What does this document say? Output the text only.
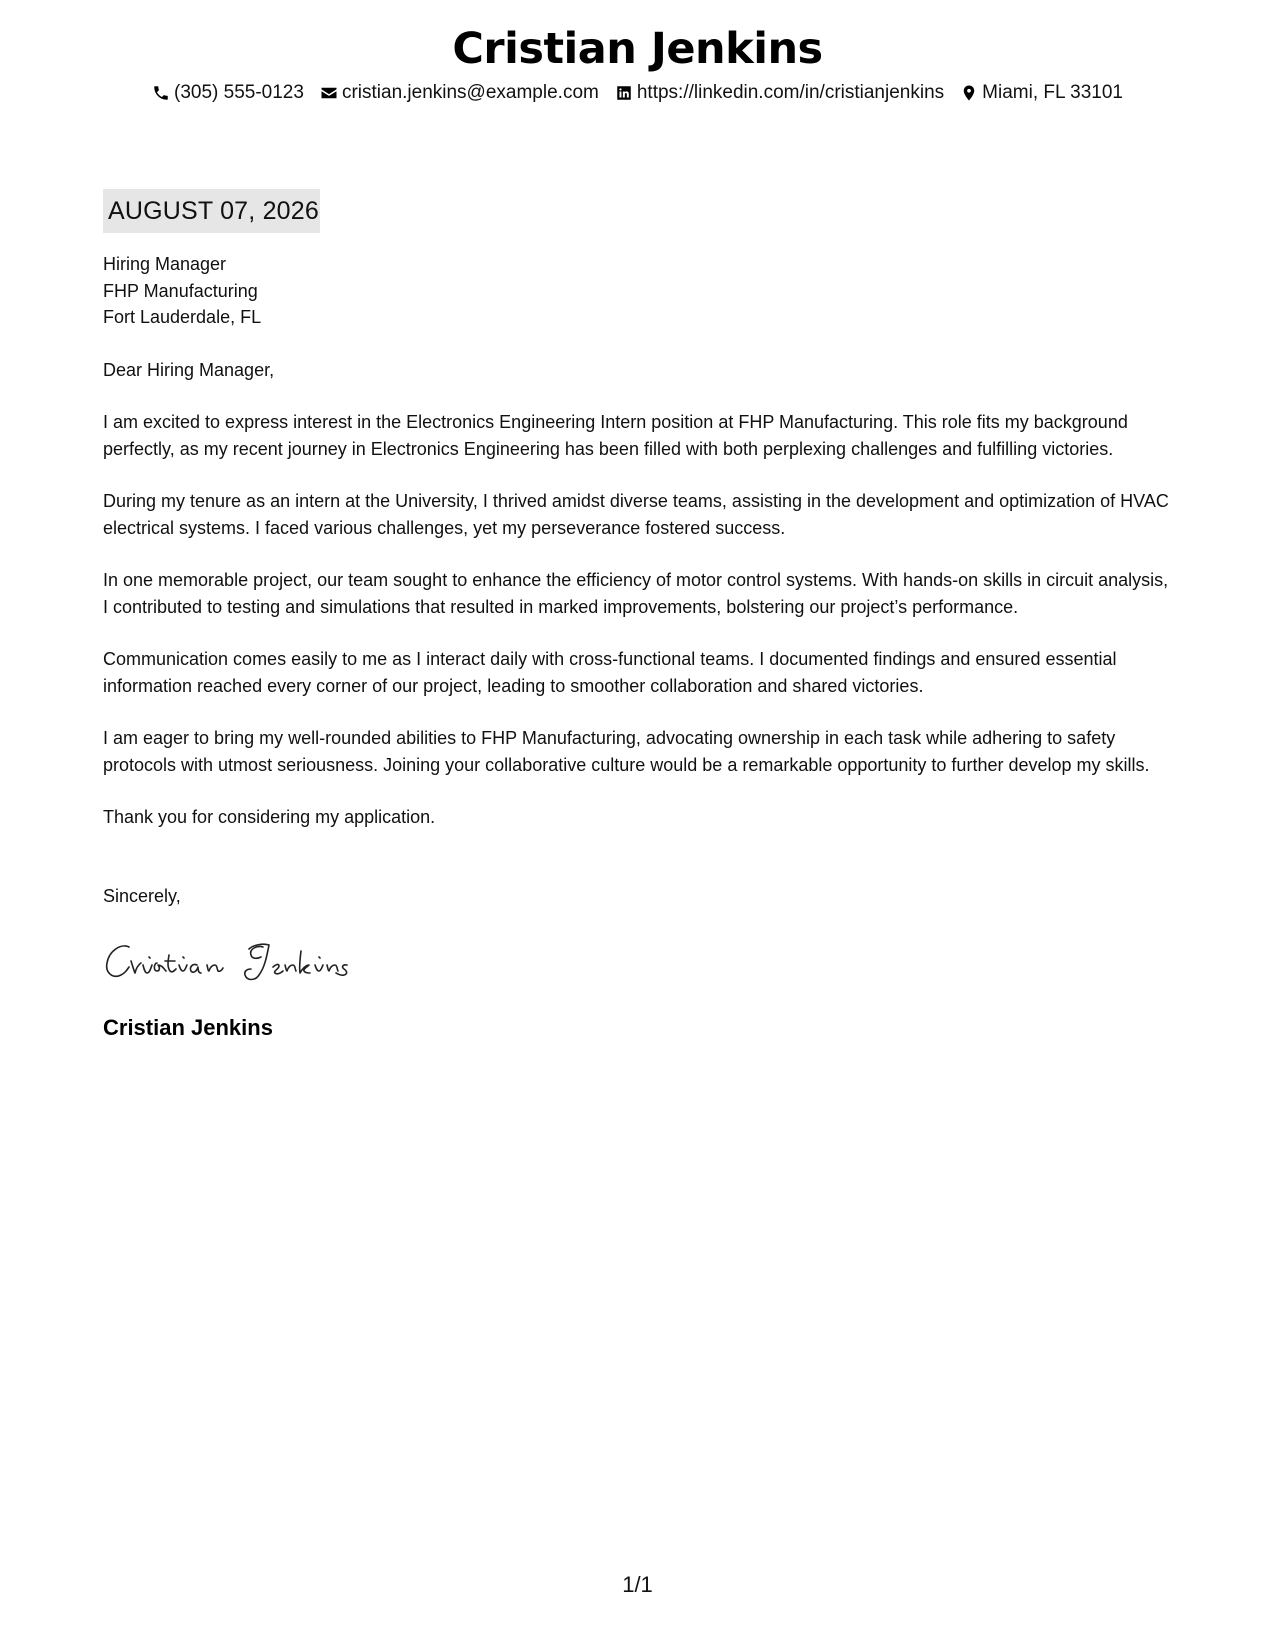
Cristian Jenkins
(305) 555-0123 cristian.jenkins@example.com https://linkedin.com/in/cristianjenkins Miami, FL 33101
AUGUST 07, 2026

Hiring Manager

FHP Manufacturing

Fort Lauderdale, FL

Dear Hiring Manager,

I am excited to express interest in the Electronics Engineering Intern position at FHP Manufacturing. This role fits my background perfectly, as my recent journey in Electronics Engineering has been filled with both perplexing challenges and fulfilling victories.

During my tenure as an intern at the University, I thrived amidst diverse teams, assisting in the development and optimization of HVAC electrical systems. I faced various challenges, yet my perseverance fostered success.

In one memorable project, our team sought to enhance the efficiency of motor control systems. With hands-on skills in circuit analysis, I contributed to testing and simulations that resulted in marked improvements, bolstering our project’s performance.

Communication comes easily to me as I interact daily with cross-functional teams. I documented findings and ensured essential information reached every corner of our project, leading to smoother collaboration and shared victories.

I am eager to bring my well-rounded abilities to FHP Manufacturing, advocating ownership in each task while adhering to safety protocols with utmost seriousness. Joining your collaborative culture would be a remarkable opportunity to further develop my skills.

Thank you for considering my application.

Sincerely,

Cristian Jenkins

1/1
